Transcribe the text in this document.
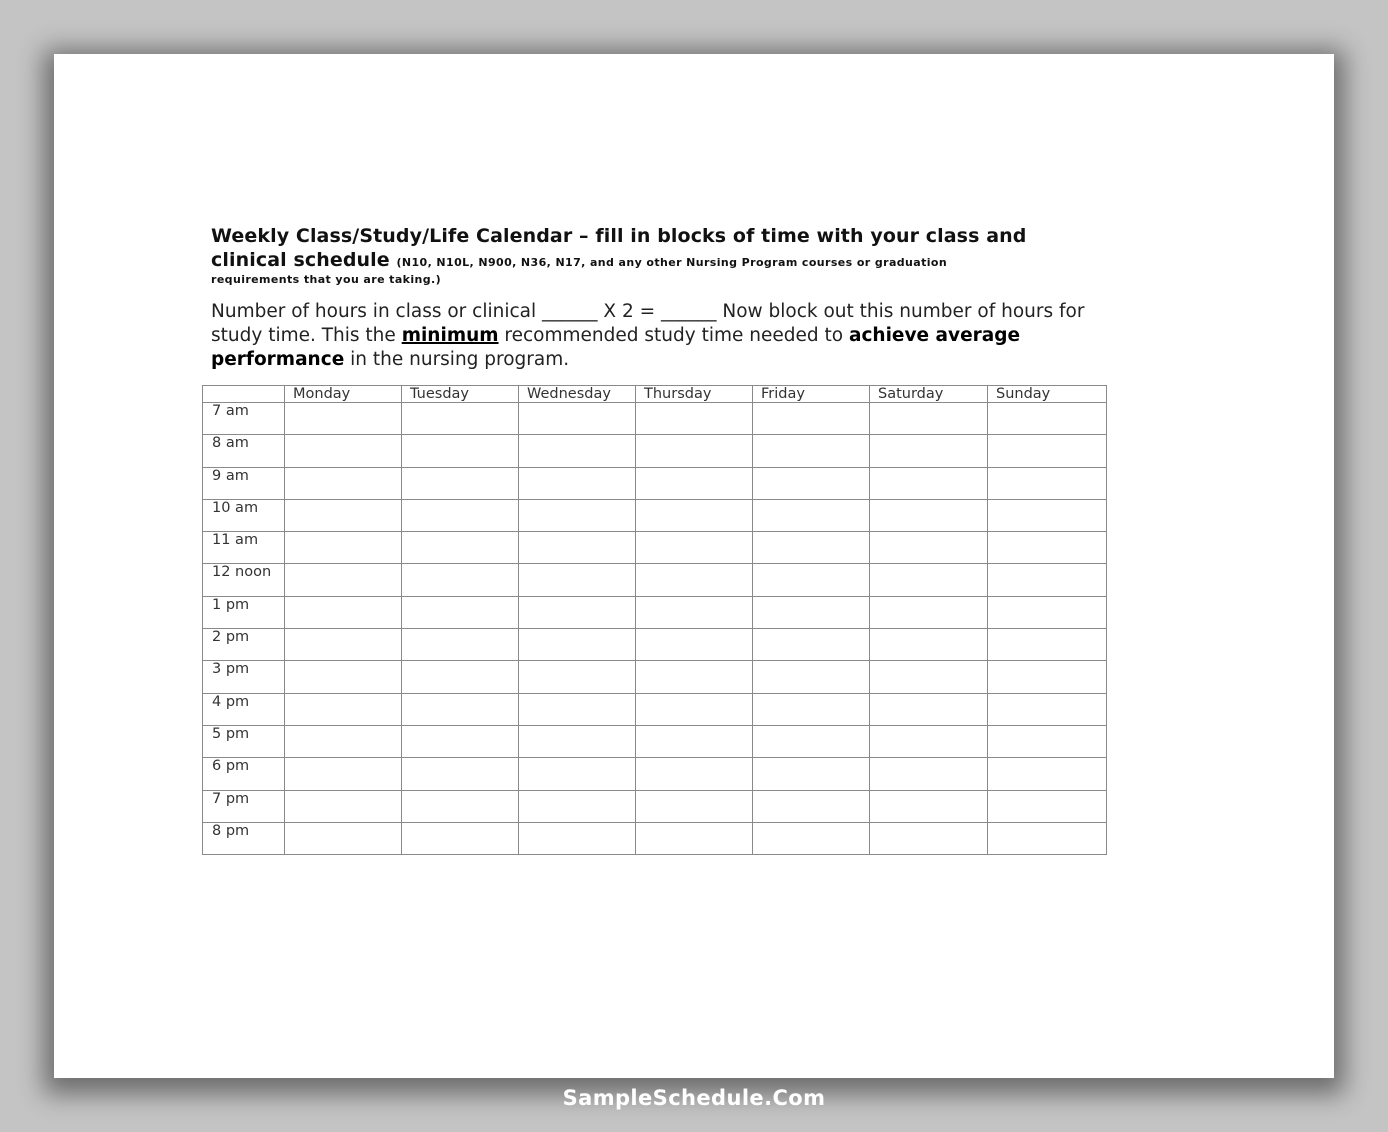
Weekly Class/Study/Life Calendar – fill in blocks of time with your class and
clinical schedule (N10, N10L, N900, N36, N17, and any other Nursing Program courses or graduation

requirements that you are taking.)
Number of hours in class or clinical ______ X 2 = ______ Now block out this number of hours for study time. This the minimum recommended study time needed to achieve average performance in the nursing program.
	Monday	Tuesday	Wednesday	Thursday	Friday	Saturday	Sunday
7 am							
8 am							
9 am							
10 am							
11 am							
12 noon							
1 pm							
2 pm							
3 pm							
4 pm							
5 pm							
6 pm							
7 pm							
8 pm							
SampleSchedule.Com
